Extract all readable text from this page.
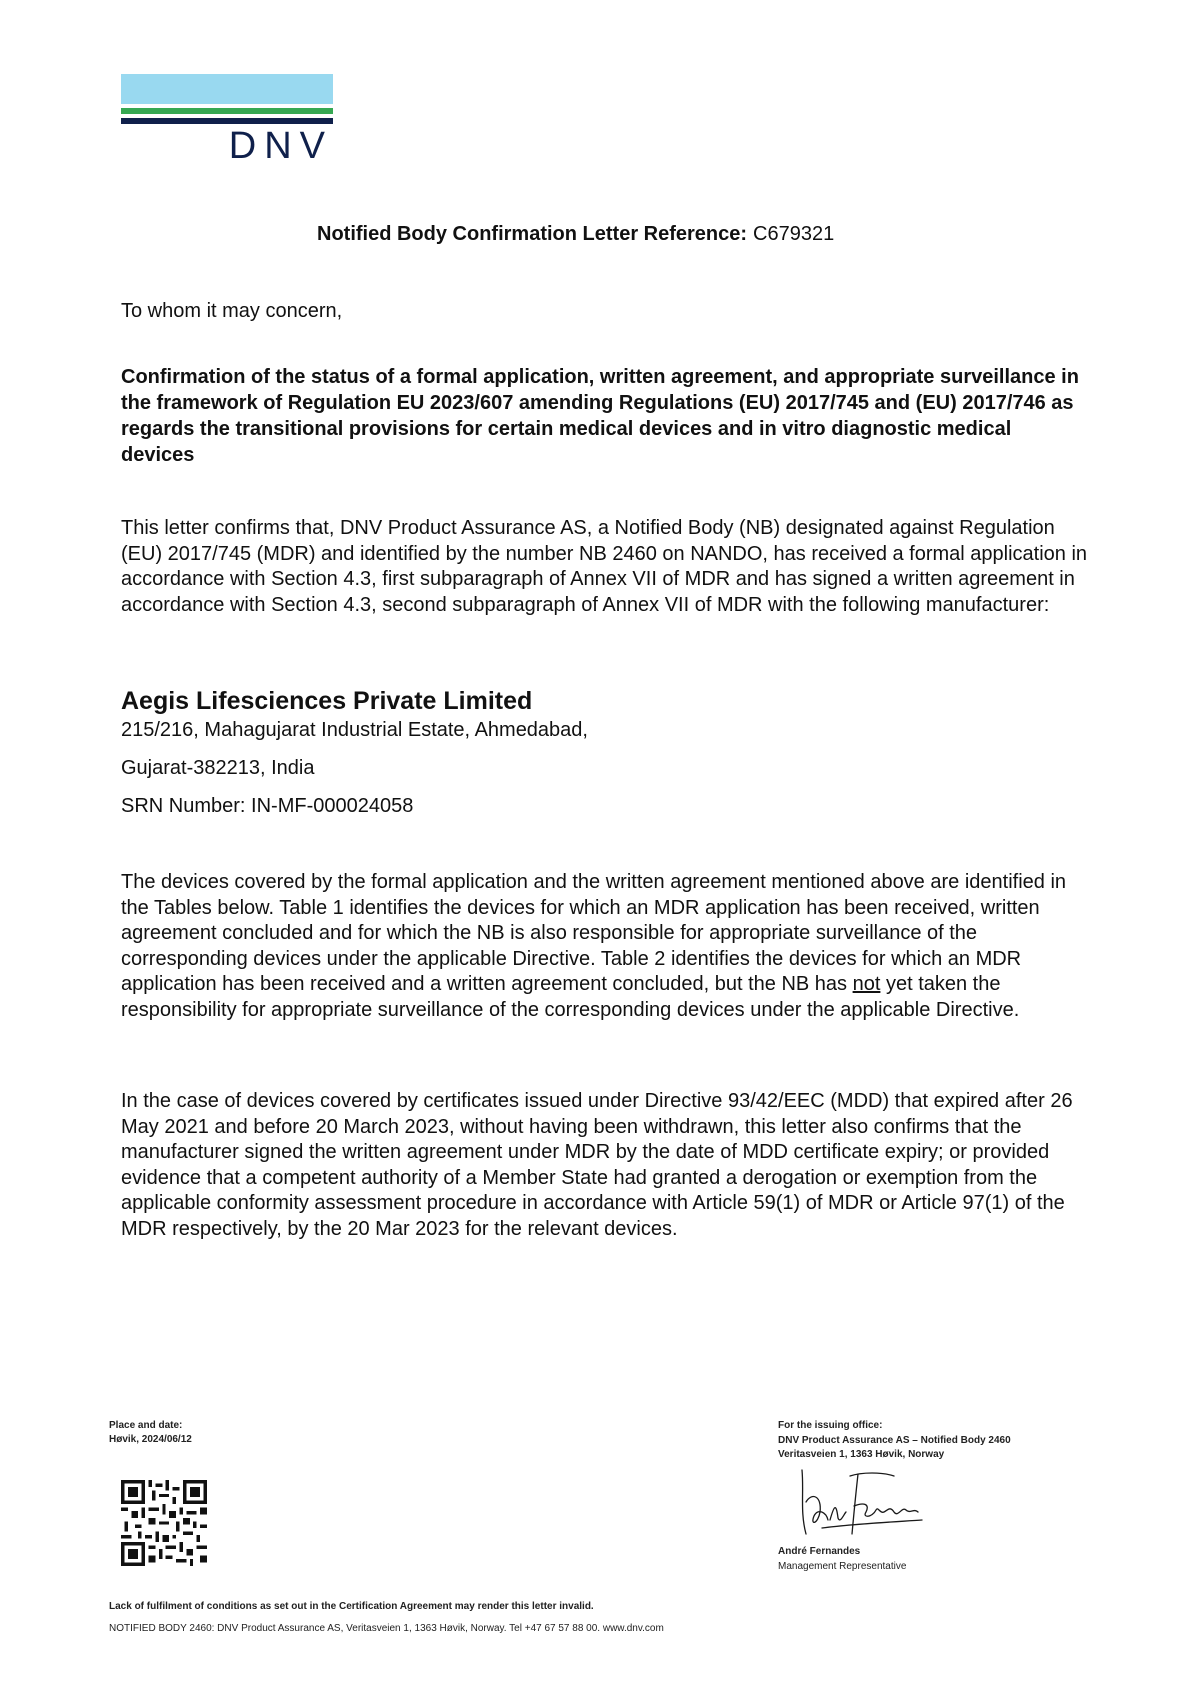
DNV
Notified Body Confirmation Letter Reference: C679321
To whom it may concern,
Confirmation of the status of a formal application, written agreement, and appropriate surveillance in the framework of Regulation EU 2023/607 amending Regulations (EU) 2017/745 and (EU) 2017/746 as regards the transitional provisions for certain medical devices and in vitro diagnostic medical devices
This letter confirms that, DNV Product Assurance AS, a Notified Body (NB) designated against Regulation (EU) 2017/745 (MDR) and identified by the number NB 2460 on NANDO, has received a formal application in accordance with Section 4.3, first subparagraph of Annex VII of MDR and has signed a written agreement in accordance with Section 4.3, second subparagraph of Annex VII of MDR with the following manufacturer:
Aegis Lifesciences Private Limited
215/216, Mahagujarat Industrial Estate, Ahmedabad,
Gujarat-382213, India
SRN Number: IN-MF-000024058
The devices covered by the formal application and the written agreement mentioned above are identified in the Tables below. Table 1 identifies the devices for which an MDR application has been received, written agreement concluded and for which the NB is also responsible for appropriate surveillance of the corresponding devices under the applicable Directive. Table 2 identifies the devices for which an MDR application has been received and a written agreement concluded, but the NB has not yet taken the responsibility for appropriate surveillance of the corresponding devices under the applicable Directive.
In the case of devices covered by certificates issued under Directive 93/42/EEC (MDD) that expired after 26 May 2021 and before 20 March 2023, without having been withdrawn, this letter also confirms that the manufacturer signed the written agreement under MDR by the date of MDD certificate expiry; or provided evidence that a competent authority of a Member State had granted a derogation or exemption from the applicable conformity assessment procedure in accordance with Article 59(1) of MDR or Article 97(1) of the MDR respectively, by the 20 Mar 2023 for the relevant devices.
Place and date:
Høvik, 2024/06/12
For the issuing office:
DNV Product Assurance AS – Notified Body 2460
Veritasveien 1, 1363 Høvik, Norway
André Fernandes
Management Representative
Lack of fulfilment of conditions as set out in the Certification Agreement may render this letter invalid.
NOTIFIED BODY 2460: DNV Product Assurance AS, Veritasveien 1, 1363 Høvik, Norway. Tel +47 67 57 88 00. www.dnv.com
